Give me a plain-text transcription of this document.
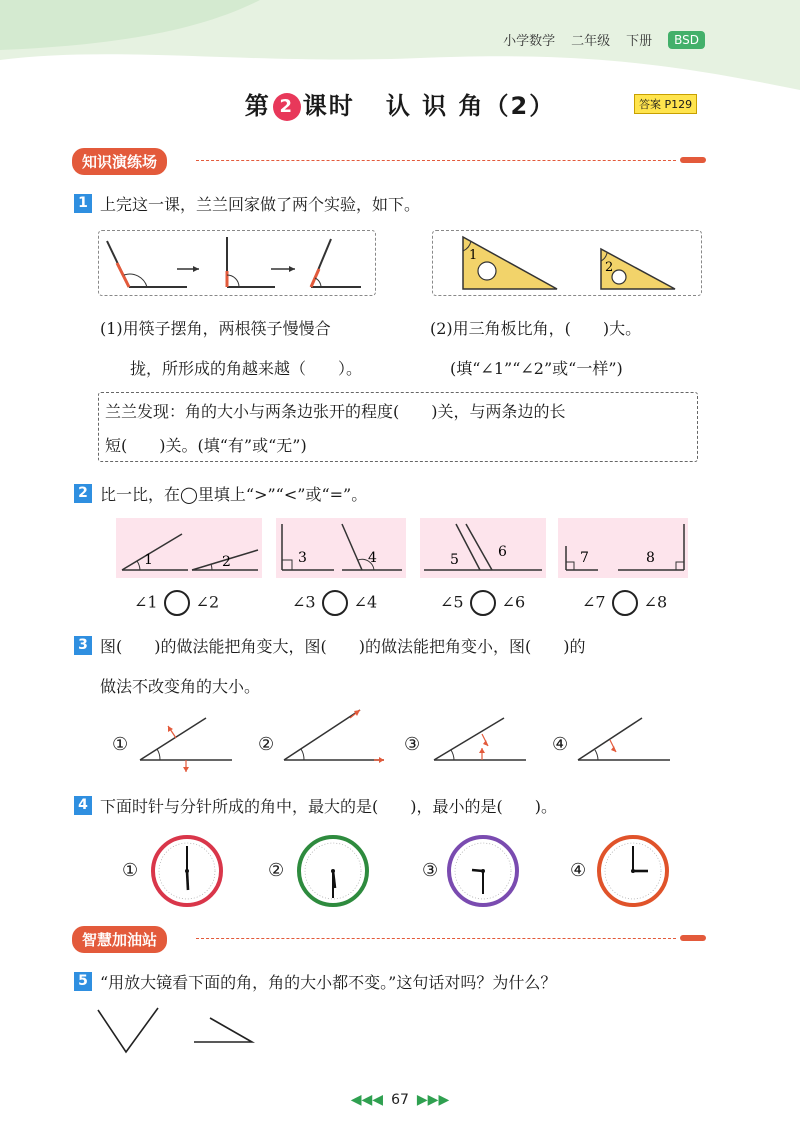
小学数学 二年级 下册	BSD
第 2 课时 认 识 角（2）	答案 P129
知识演练场
1 上完这一课，兰兰回家做了两个实验，如下。
1
2
(1)用筷子摆角，两根筷子慢慢合
拢，所形成的角越来越（　　）。
(2)用三角板比角，(　　)大。
(填“∠1”“∠2”或“一样”)
兰兰发现：角的大小与两条边张开的程度(　　)关，与两条边的长
短(　　)关。(填“有”或“无”)
2 比一比，在◯里填上“>”“<”或“=”。
1	2	3	4	5	6	7	8
∠1 ∠2	∠3 ∠4	∠5 ∠6	∠7 ∠8
3 图(　　)的做法能把角变大，图(　　)的做法能把角变小，图(　　)的
做法不改变角的大小。
①	②	③	④
4 下面时针与分针所成的角中，最大的是(　　)，最小的是(　　)。
①	②	③	④
智慧加油站
5 “用放大镜看下面的角，角的大小都不变。”这句话对吗？为什么？
◀◀◀ 67 ▶▶▶
